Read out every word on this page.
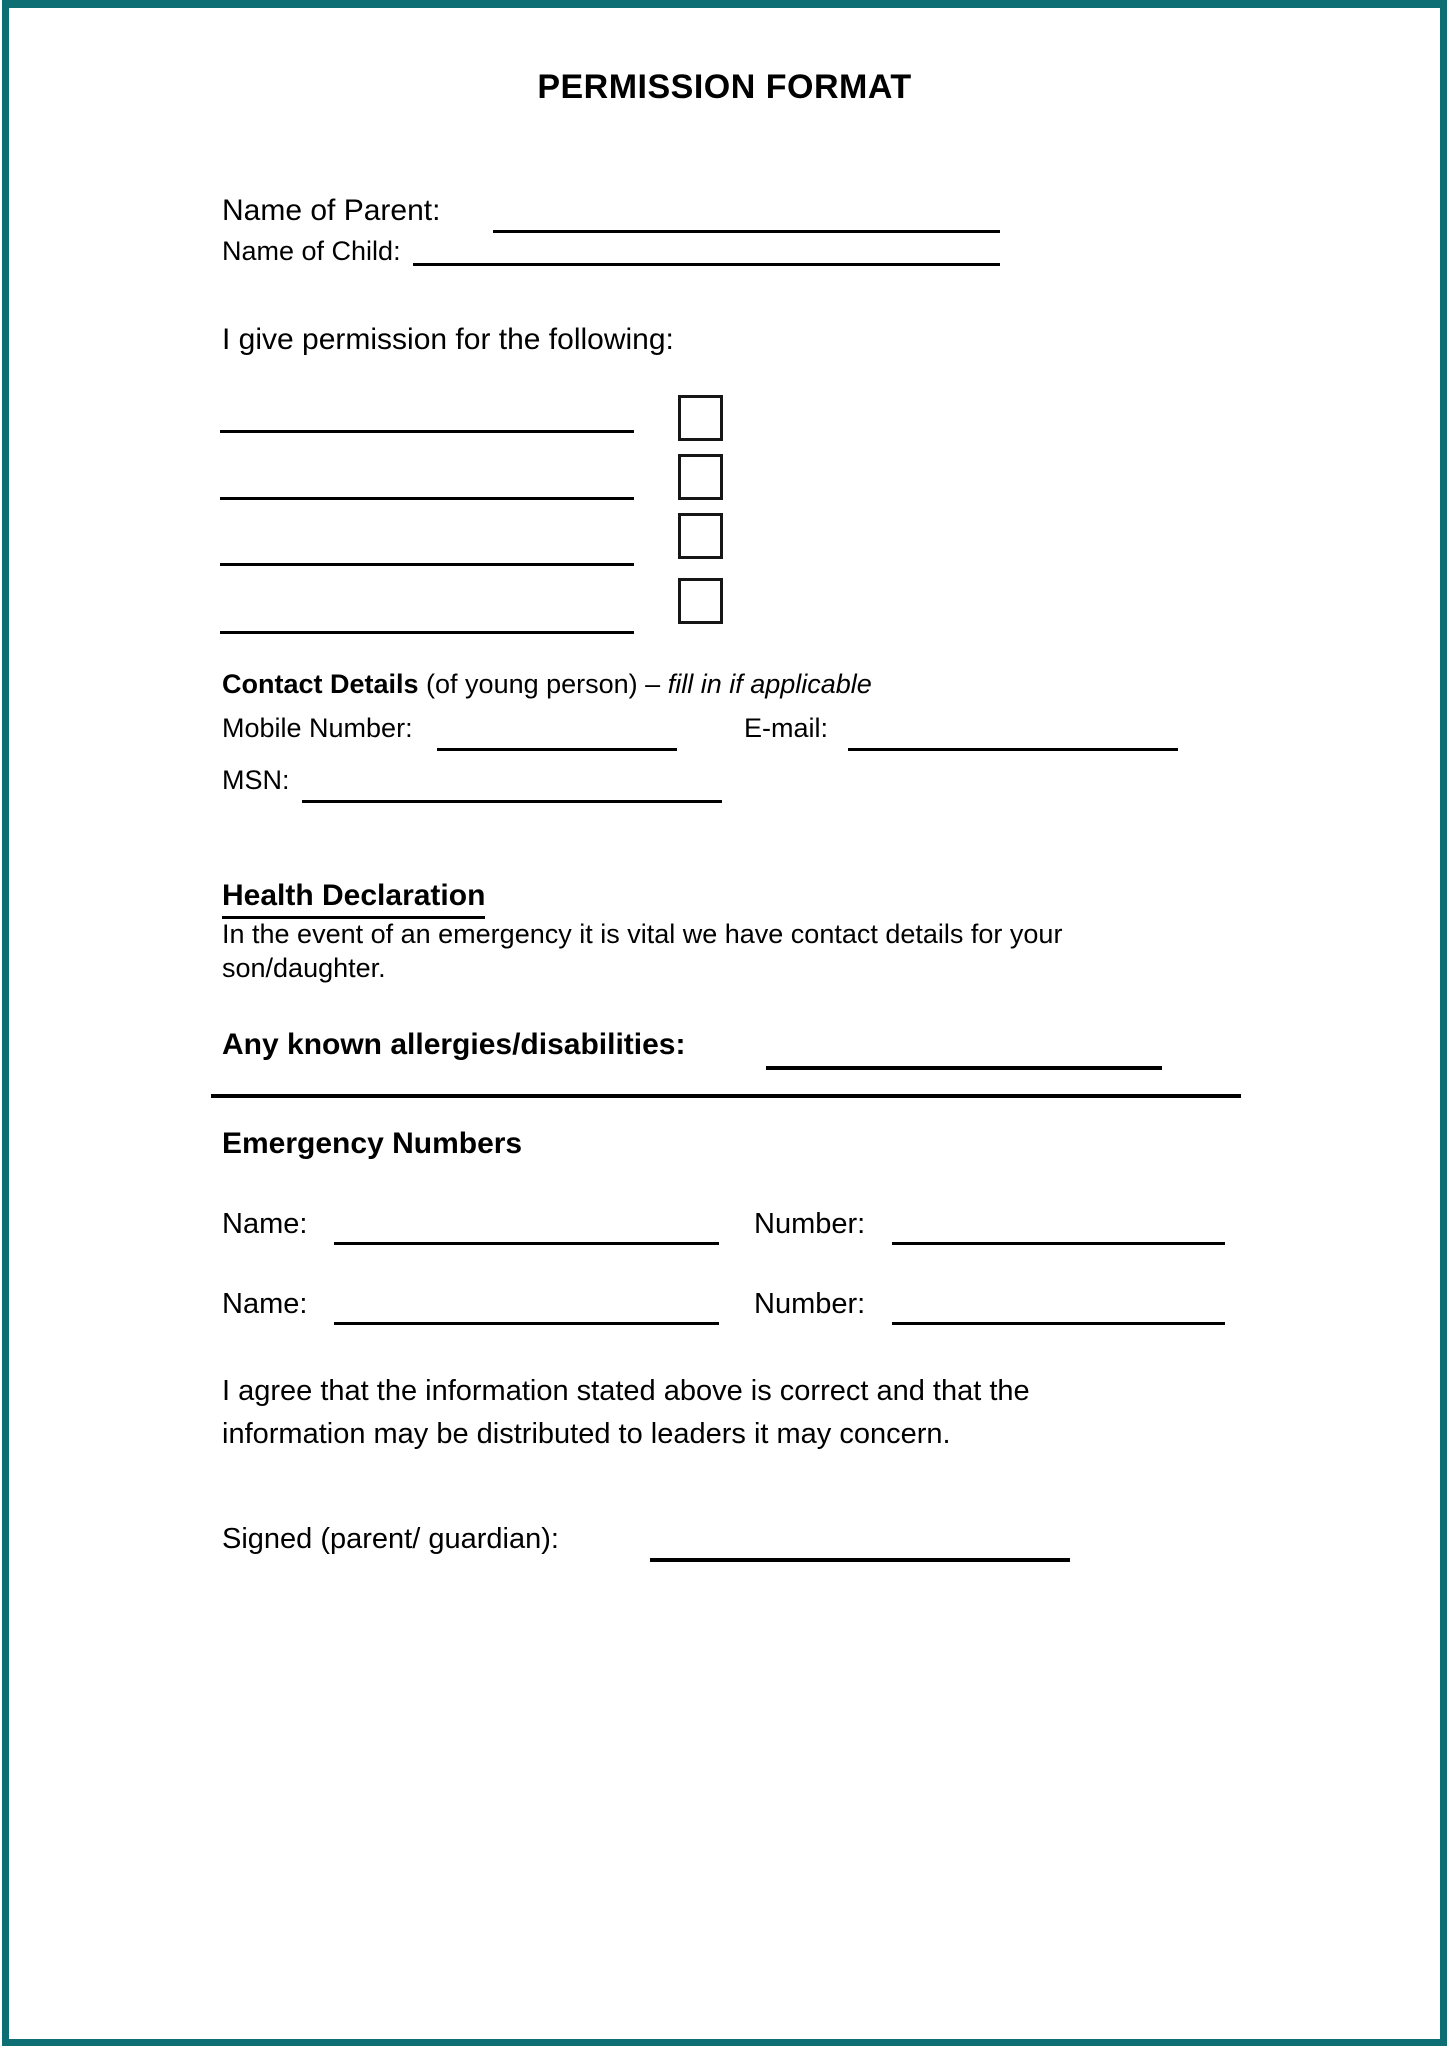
PERMISSION FORMAT
Name of Parent:
Name of Child:
I give permission for the following:
Contact Details (of young person) – fill in if applicable
Mobile Number:	E-mail:
MSN:
Health Declaration
In the event of an emergency it is vital we have contact details for your
son/daughter.
Any known allergies/disabilities:
Emergency Numbers
Name:	Number:
Name:	Number:
I agree that the information stated above is correct and that the
information may be distributed to leaders it may concern.
Signed (parent/ guardian):
